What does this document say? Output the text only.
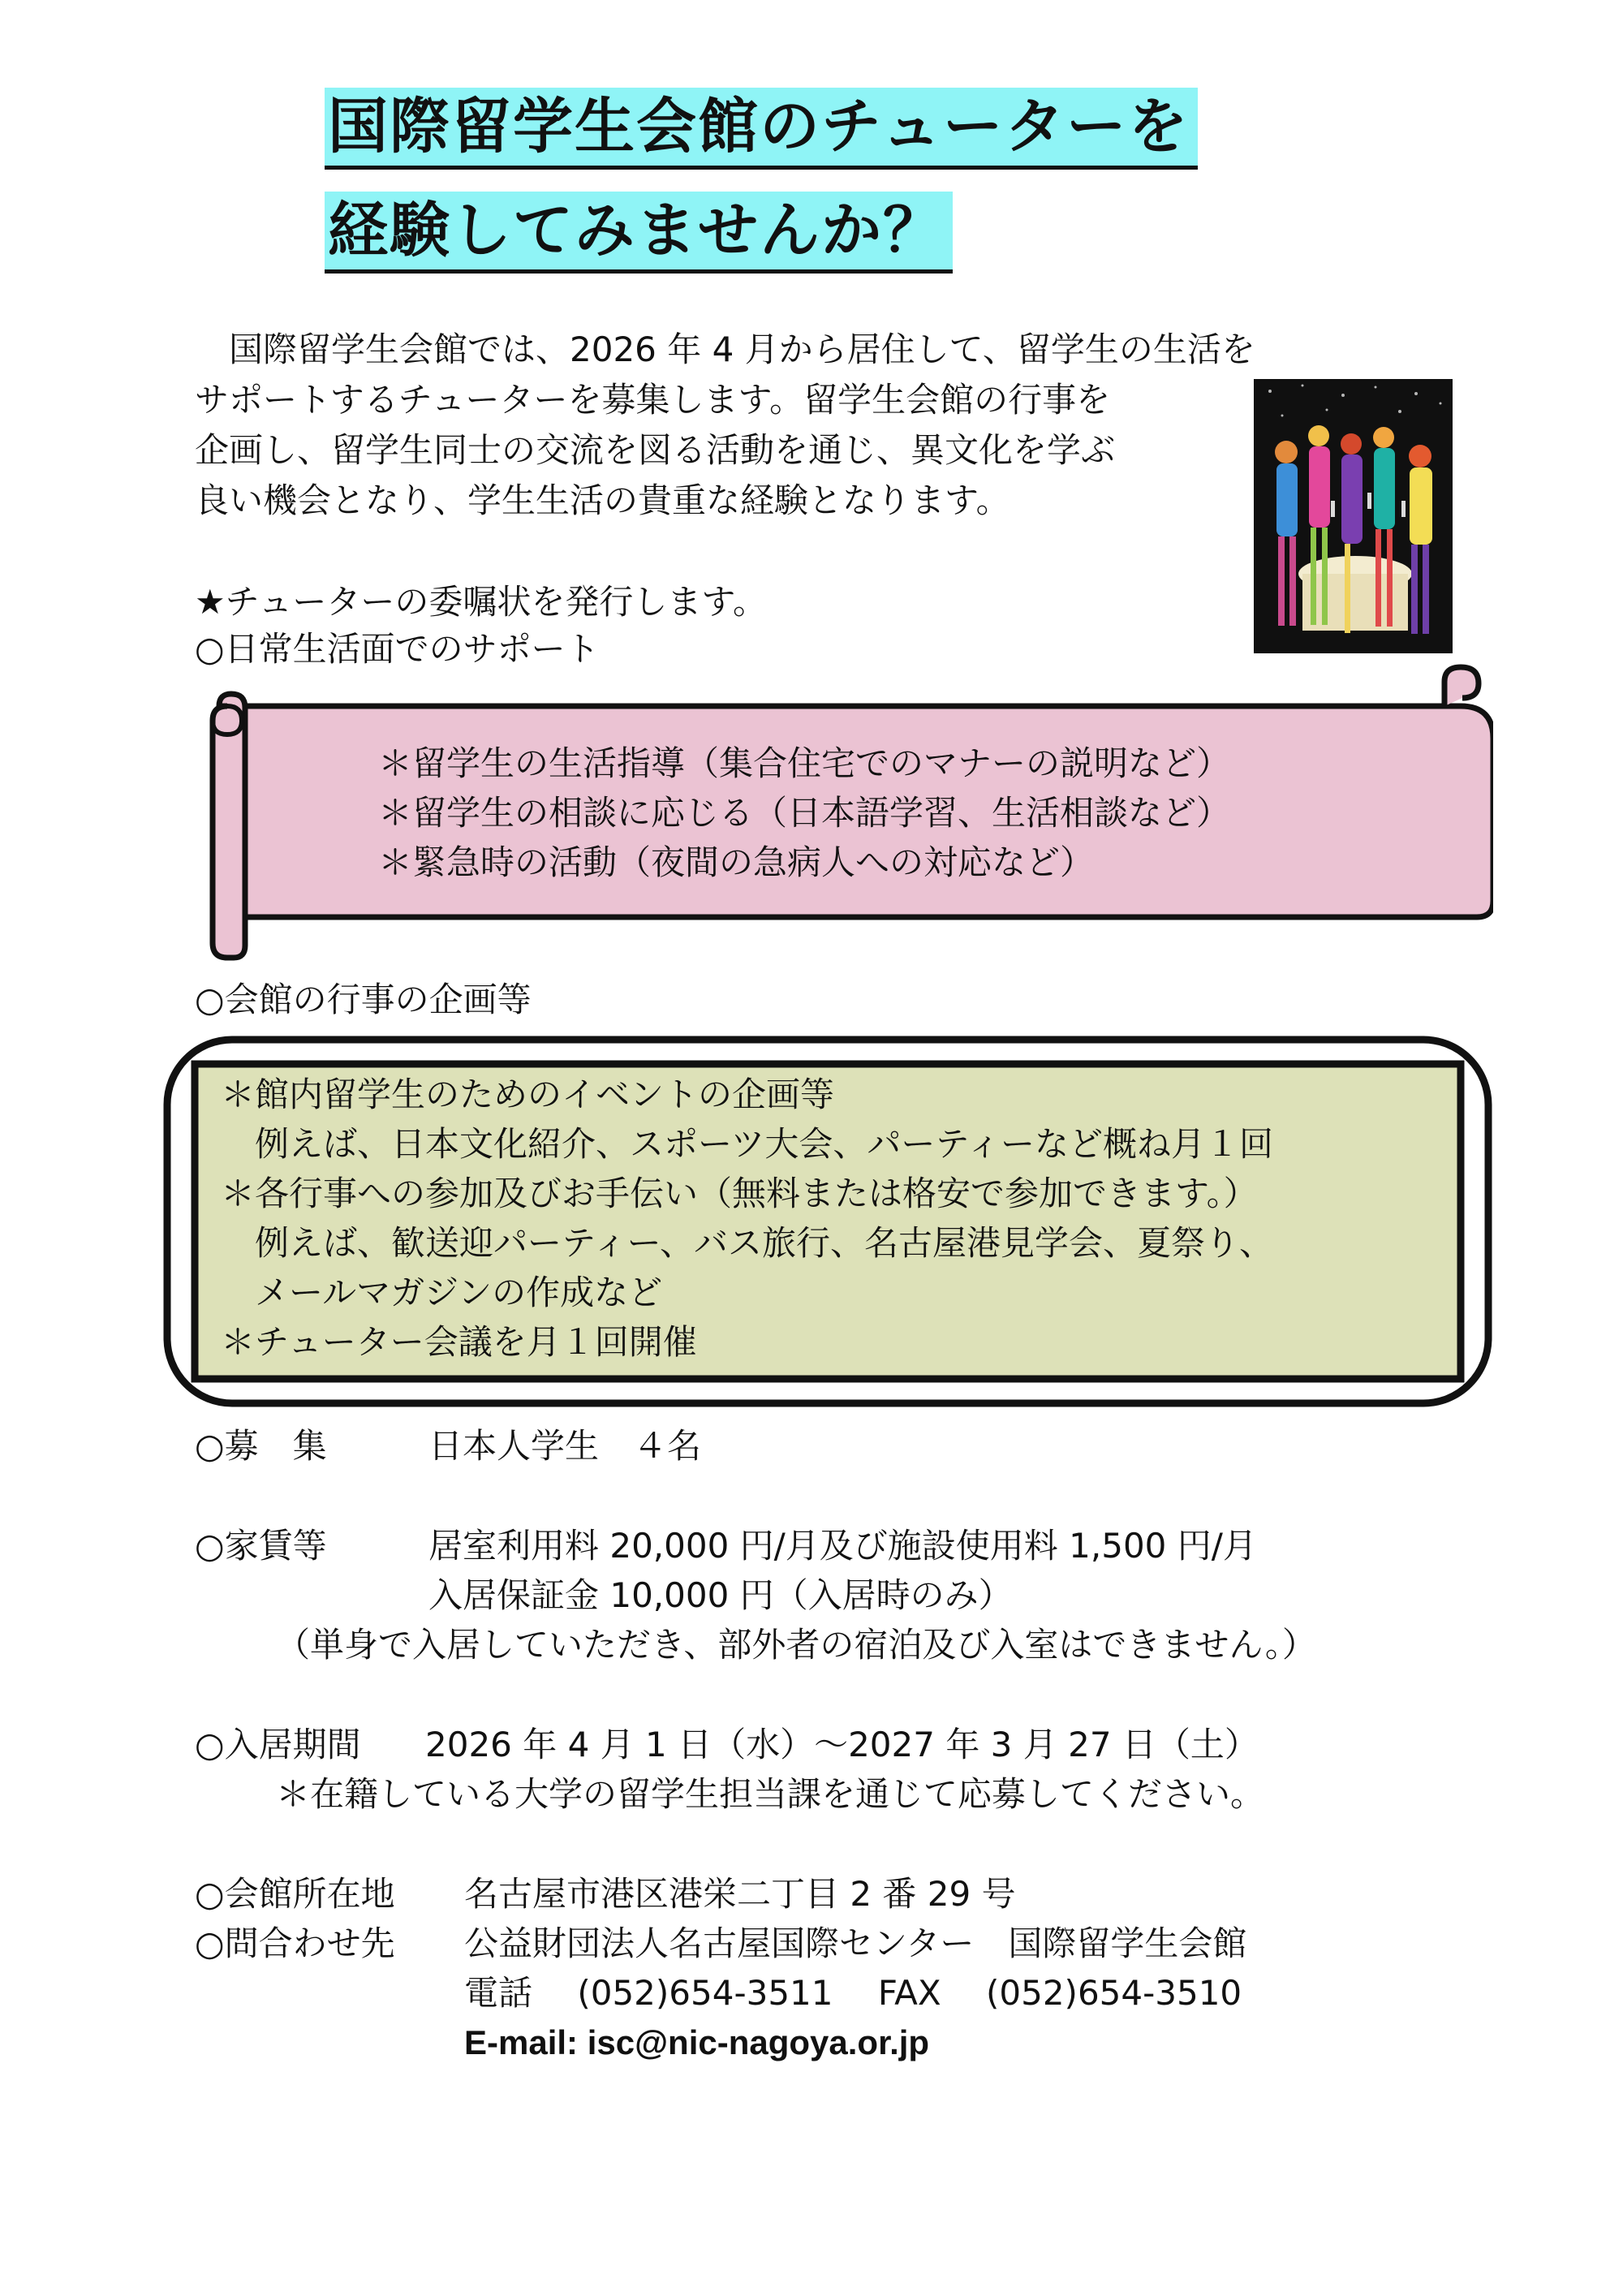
国際留学生会館のチューターを
経験してみませんか？

　国際留学生会館では、2026 年 4 月から居住して、留学生の生活を

サポートするチューターを募集します。留学生会館の行事を

企画し、留学生同士の交流を図る活動を通じ、異文化を学ぶ

良い機会となり、学生生活の貴重な経験となります。

★チューターの委嘱状を発行します。
○日常生活面でのサポート
＊留学生の生活指導（集合住宅でのマナーの説明など）
＊留学生の相談に応じる（日本語学習、生活相談など）
＊緊急時の活動（夜間の急病人への対応など）
○会館の行事の企画等
＊館内留学生のためのイベントの企画等
　例えば、日本文化紹介、スポーツ大会、パーティーなど概ね月１回
＊各行事への参加及びお手伝い（無料または格安で参加できます。）
　例えば、歓送迎パーティー、バス旅行、名古屋港見学会、夏祭り、
　メールマガジンの作成など
＊チューター会議を月１回開催
○募　集	日本人学生　４名
○家賃等	居室利用料 20,000 円/月及び施設使用料 1,500 円/月
入居保証金 10,000 円（入居時のみ）
（単身で入居していただき、部外者の宿泊及び入室はできません。）
○入居期間 2026 年 4 月 1 日（水）～2027 年 3 月 27 日（土）
＊在籍している大学の留学生担当課を通じて応募してください。
○会館所在地 名古屋市港区港栄二丁目 2 番 29 号
○問合わせ先 公益財団法人名古屋国際センター　国際留学生会館
電話　 (052)654-3511　 FAX　 (052)654-3510
E-mail: isc@nic-nagoya.or.jp
